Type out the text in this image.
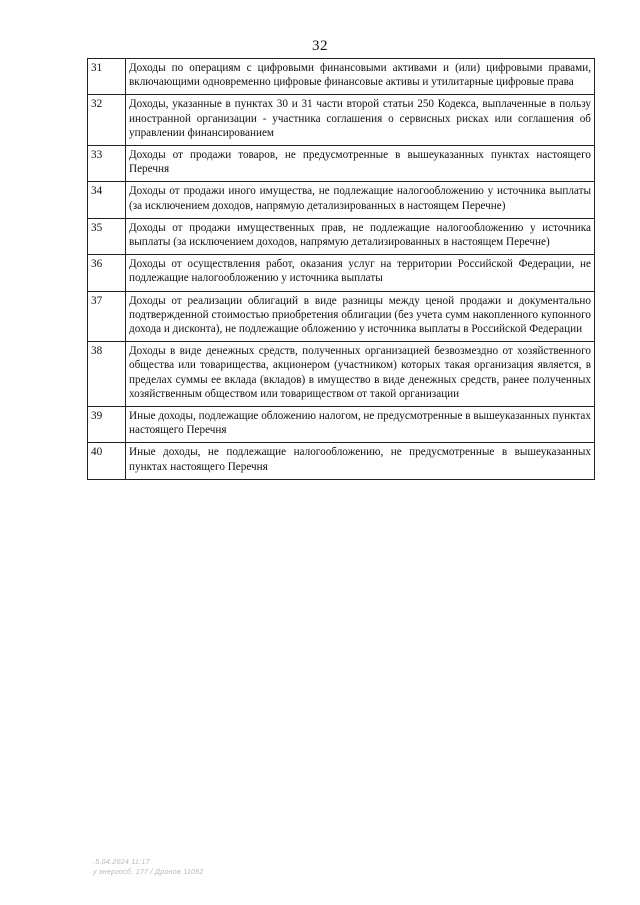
32
31	Доходы по операциям с цифровыми финансовыми активами и (или) цифровыми правами, включающими одновременно цифровые финансовые активы и утилитарные цифровые права
32	Доходы, указанные в пунктах 30 и 31 части второй статьи 250 Кодекса, выплаченные в пользу иностранной организации - участника соглашения о сервисных рисках или соглашения об управлении финансированием
33	Доходы от продажи товаров, не предусмотренные в вышеуказанных пунктах настоящего Перечня
34	Доходы от продажи иного имущества, не подлежащие налогообложению у источника выплаты (за исключением доходов, напрямую детализированных в настоящем Перечне)
35	Доходы от продажи имущественных прав, не подлежащие налогообложению у источника выплаты (за исключением доходов, напрямую детализированных в настоящем Перечне)
36	Доходы от осуществления работ, оказания услуг на территории Российской Федерации, не подлежащие налогообложению у источника выплаты
37	Доходы от реализации облигаций в виде разницы между ценой продажи и документально подтвержденной стоимостью приобретения облигации (без учета сумм накопленного купонного дохода и дисконта), не подлежащие обложению у источника выплаты в Российской Федерации
38	Доходы в виде денежных средств, полученных организацией безвозмездно от хозяйственного общества или товарищества, акционером (участником) которых такая организация является, в пределах суммы ее вклада (вкладов) в имущество в виде денежных средств, ранее полученных хозяйственным обществом или товариществом от такой организации
39	Иные доходы, подлежащие обложению налогом, не предусмотренные в вышеуказанных пунктах настоящего Перечня
40	Иные доходы, не подлежащие налогообложению, не предусмотренные в вышеуказанных пунктах настоящего Перечня
.5.04.2024 11:17
у энергосб. 177 / Дронов 11062
